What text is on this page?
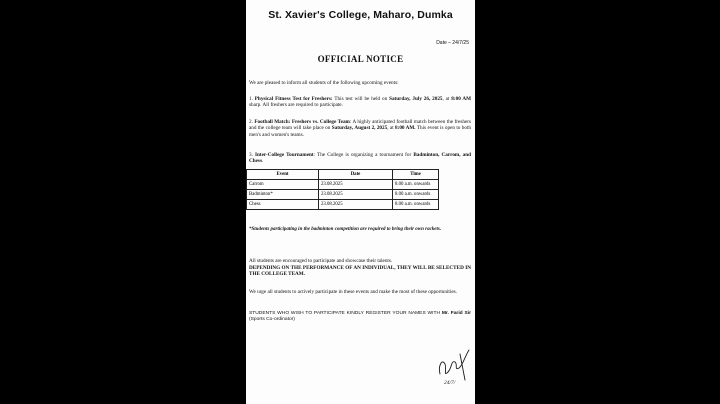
St. Xavier's College, Maharo, Dumka
Date – 24/7/25
OFFICIAL NOTICE
We are pleased to inform all students of the following upcoming events:
1. Physical Fitness Test for Freshers: This test will be held on Saturday, July 26, 2025, at 8:00 AM sharp. All freshers are required to participate.
2. Football Match: Freshers vs. College Team: A highly anticipated football match between the freshers and the college team will take place on Saturday, August 2, 2025, at 8:00 AM. This event is open to both men's and women's teams.
3. Inter-College Tournament: The College is organizing a tournament for Badminton, Carrom, and Chess.
Event	Date	Time
Carrom	23.08.2025	8.00 a.m. onwards
Badminton*	23.08.2025	8.00 a.m. onwards
Chess	23.08.2025	8.00 a.m. onwards
*Students participating in the badminton competition are required to bring their own rackets.
All students are encouraged to participate and showcase their talents.
DEPENDING ON THE PERFORMANCE OF AN INDIVIDUAL, THEY WILL BE SELECTED IN THE COLLEGE TEAM.
We urge all students to actively participate in these events and make the most of these opportunities.
STUDENTS WHO WISH TO PARTICIPATE KINDLY REGISTER YOUR NAMES WITH Mr. Farid Sir (Sports Co-ordinator)
24/7/
